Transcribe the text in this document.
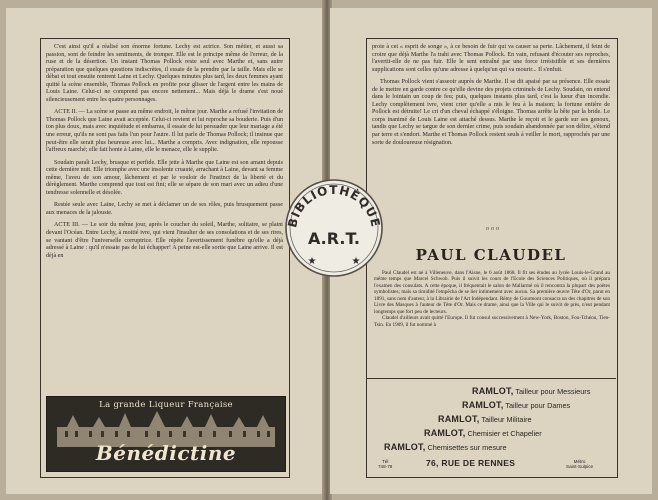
C'est ainsi qu'il a réalisé son énorme fortune. Lechy est actrice. Son métier, et aussi sa passion, sont de feindre les sentiments, de tromper. Elle est le principe même de l'erreur, de la ruse et de la désertion. Un instant Thomas Pollock reste seul avec Marthe et, sans autre préparation que quelques questions indiscrètes, il essaie de la prendre par la taille. Mais elle se débat et tout ensuite rentrent Laine et Lechy. Quelques minutes plus tard, les deux femmes ayant quitté la scène ensemble, Thomas Pollock en profite pour glisser de l'argent entre les mains de Louis Laine. Celui-ci ne comprend pas encore nettement... Mais déjà le drame s'est noué silencieusement entre les quatre personnages.

ACTE II. — La scène se passe au même endroit, le même jour. Marthe a refusé l'invitation de Thomas Pollock que Laine avait acceptée. Celui-ci revient et lui reproche sa bouderie. Puis d'un ton plus doux, mais avec inquiétude et embarras, il essaie de lui persuader que leur mariage a été une erreur, qu'ils ne sont pas faits l'un pour l'autre. Il lui parle de Thomas Pollock; il insinue que peut-être elle serait plus heureuse avec lui... Marthe a compris. Avec indignation, elle repousse l'affreux marché; elle fait honte à Laine, elle le menace, elle le supplie.

Soudain paraît Lechy, brusque et perfide. Elle jette à Marthe que Laine est son amant depuis cette dernière nuit. Elle triomphe avec une insolente cruauté, arrachant à Laine, devant sa femme même, l'aveu de son amour, lâchement et par le vouloir de l'instinct de la liberté et du dérèglement. Marthe comprend que tout est fini; elle se sépare de son mari avec un adieu d'une tendresse solennelle et désolée.

Restée seule avec Laine, Lechy se met à déclamer un de ses rôles, puis brusquement passe aux menaces de la jalousie.

ACTE III. — Le soir du même jour, après le coucher du soleil, Marthe, solitaire, se plaint devant l'Océan. Entre Lechy, à moitié ivre, qui vient l'insulter de ses consolations et de ses rires, se vantant d'être l'universelle corruptrice. Elle répète l'avertissement funèbre qu'elle a déjà adressé à Laine : qu'il n'essaie pas de lui échapper! A peine est-elle sortie que Laine arrive. Il est déjà en

La grande Liqueur Française
Bénédictine

proie à cet « esprit de songe », à ce besoin de fuir qui va causer sa perte. Lâchement, il feint de croire que déjà Marthe l'a trahi avec Thomas Pollock. En vain, refusant d'écouter ses reproches, l'avertit-elle de ne pas fuir. Elle le sent entraîné par une force irrésistible et ses dernières supplications sont celles qu'une adresse à quelqu'un qui va mourir... Il s'enfuit.

Thomas Pollock vient s'asseoir auprès de Marthe. Il se dit apaisé par sa présence. Elle essaie de le mettre en garde contre ce qu'elle devine des projets criminels de Lechy. Soudain, on entend dans le lointain un coup de feu; puis, quelques instants plus tard, c'est la lueur d'un incendie. Lechy complètement ivre, vient crier qu'elle a mis le feu à la maison; la fortune entière de Pollock est détruite! Le cri d'un cheval échappé s'éloigne. Thomas arrête la bête par la bride. Le corps inanimé de Louis Laine est attaché dessus. Marthe le reçoit et le garde sur ses genoux, tandis que Lechy se targue de son dernier crime, puis soudain abandonnée par son délire, s'étend par terre et s'endort. Marthe et Thomas Pollock restent seuls à veiller le mort, rapprochés par une sorte de douloureuse résignation.

ooo
PAUL CLAUDEL

Paul Claudel est né à Villeneuve, dans l'Aisne, le 6 août 1868. Il fit ses études au lycée Louis-le-Grand au même temps que Marcel Schwob. Puis il suivit les cours de l'Ecole des Sciences Politiques, où il prépara l'examen des consulats. A cette époque, il fréquentait le salon de Mallarmé où il rencontra la plupart des poètes symbolistes; mais sa timidité l'empêcha de se lier intimement avec aucun. Sa première œuvre Tête d'Or, parut en 1891, sans nom d'auteur, à la Librairie de l'Art Indépendant. Rémy de Gourmont consacra un des chapitres de son Livre des Masques à l'auteur de Tête d'Or. Mais ce drame, ainsi que la Ville qui le suivit de près, n'eut pendant longtemps que fort peu de lecteurs.

Claudel d'ailleurs avait quitté l'Europe. Il fut consul successivement à New-York, Boston, Fou-Tchéou, Tien-Tsin. En 1909, il fut nommé à

RAMLOT, Tailleur pour Messieurs
RAMLOT, Tailleur pour Dames
RAMLOT, Tailleur Militaire
RAMLOT, Chemisier et Chapelier
RAMLOT, Chemisettes sur mesure
Tél
748-78	76, RUE DE RENNES	Métro
Saint-Sulpice
BIBLIOTHÈQUE
A.R.T.
★	★
